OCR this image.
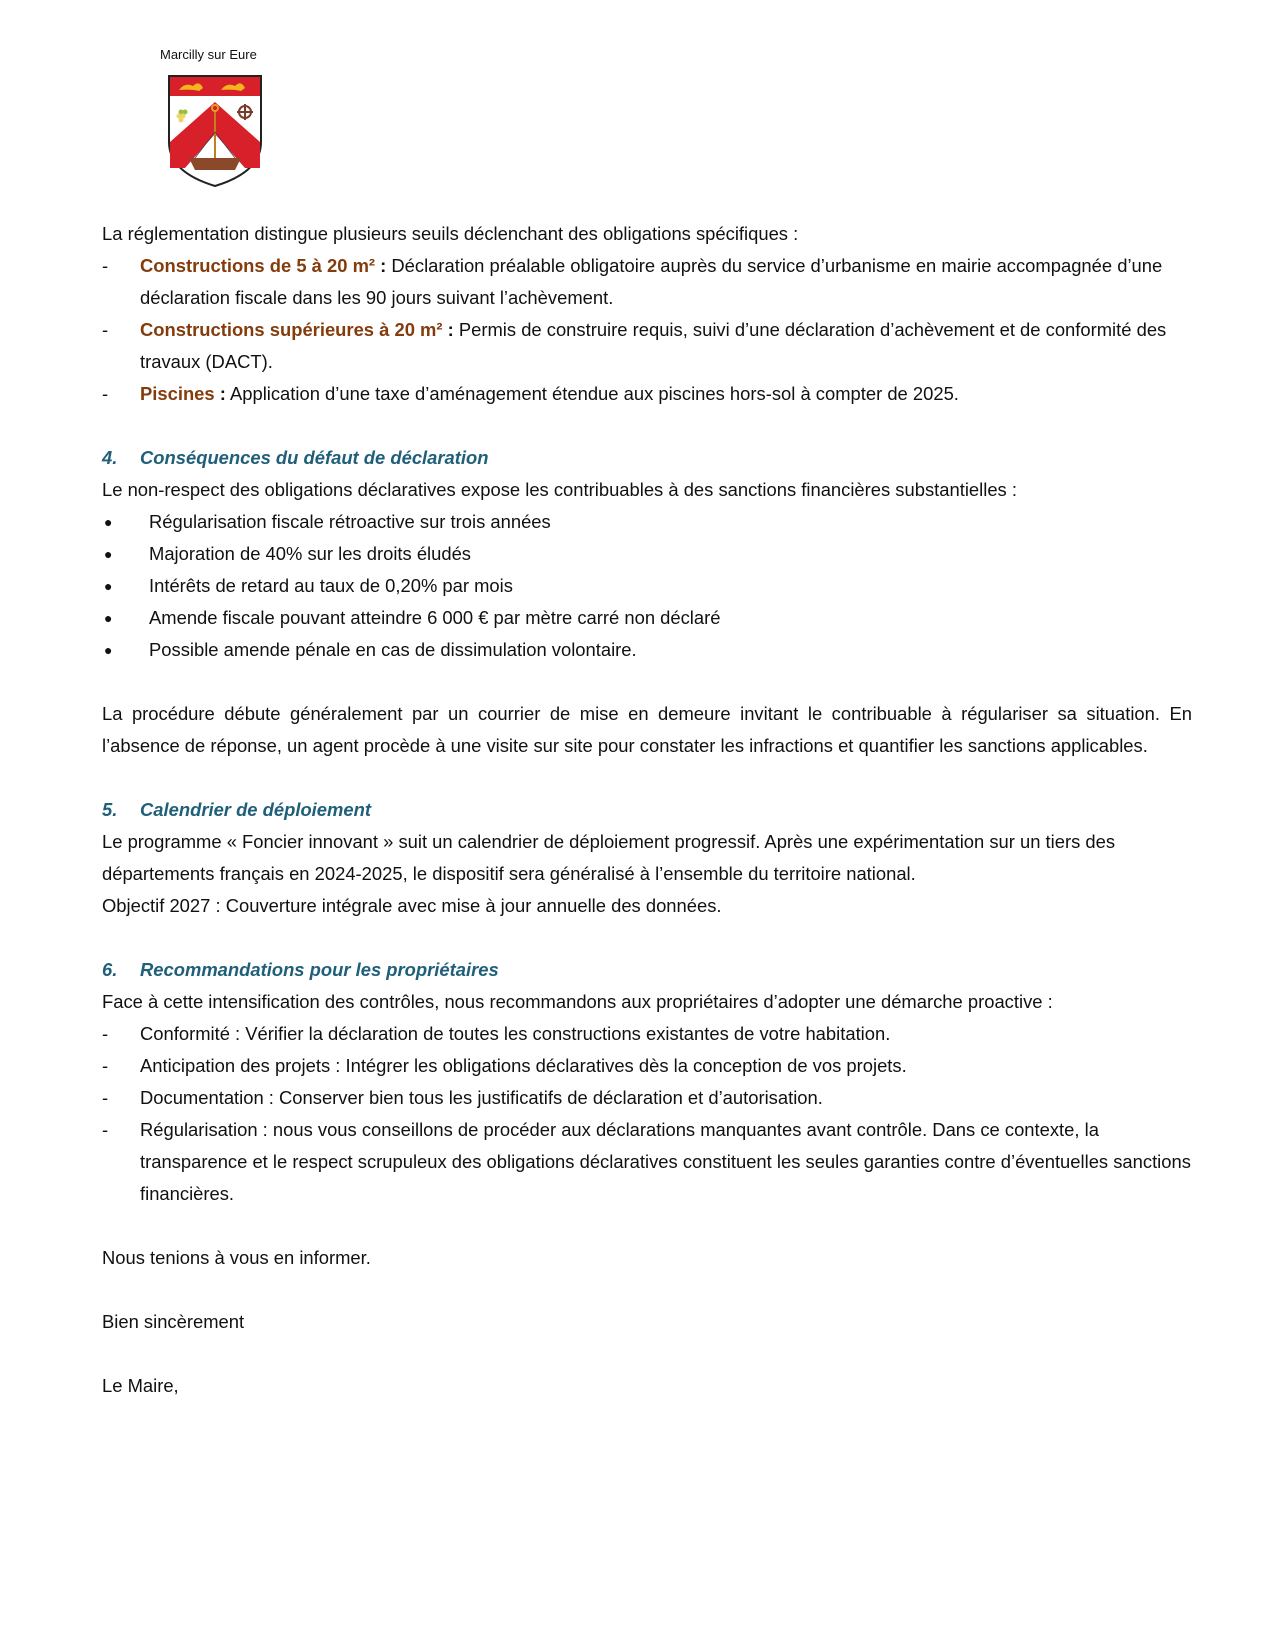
Marcilly sur Eure

La réglementation distingue plusieurs seuils déclenchant des obligations spécifiques :

- Constructions de 5 à 20 m² : Déclaration préalable obligatoire auprès du service d’urbanisme en mairie accompagnée d’une déclaration fiscale dans les 90 jours suivant l’achèvement.
- Constructions supérieures à 20 m² : Permis de construire requis, suivi d’une déclaration d’achèvement et de conformité des travaux (DACT).
- Piscines : Application d’une taxe d’aménagement étendue aux piscines hors-sol à compter de 2025.
4. Conséquences du défaut de déclaration

Le non-respect des obligations déclaratives expose les contribuables à des sanctions financières substantielles :

● Régularisation fiscale rétroactive sur trois années
● Majoration de 40% sur les droits éludés
● Intérêts de retard au taux de 0,20% par mois
● Amende fiscale pouvant atteindre 6 000 € par mètre carré non déclaré
● Possible amende pénale en cas de dissimulation volontaire.

La procédure débute généralement par un courrier de mise en demeure invitant le contribuable à régulariser sa situation. En l’absence de réponse, un agent procède à une visite sur site pour constater les infractions et quantifier les sanctions applicables.

5. Calendrier de déploiement

Le programme « Foncier innovant » suit un calendrier de déploiement progressif. Après une expérimentation sur un tiers des départements français en 2024-2025, le dispositif sera généralisé à l’ensemble du territoire national.

Objectif 2027 : Couverture intégrale avec mise à jour annuelle des données.

6. Recommandations pour les propriétaires

Face à cette intensification des contrôles, nous recommandons aux propriétaires d’adopter une démarche proactive :

- Conformité : Vérifier la déclaration de toutes les constructions existantes de votre habitation.
- Anticipation des projets : Intégrer les obligations déclaratives dès la conception de vos projets.
- Documentation : Conserver bien tous les justificatifs de déclaration et d’autorisation.
- Régularisation : nous vous conseillons de procéder aux déclarations manquantes avant contrôle. Dans ce contexte, la transparence et le respect scrupuleux des obligations déclaratives constituent les seules garanties contre d’éventuelles sanctions financières.

Nous tenions à vous en informer.

Bien sincèrement

Le Maire,
